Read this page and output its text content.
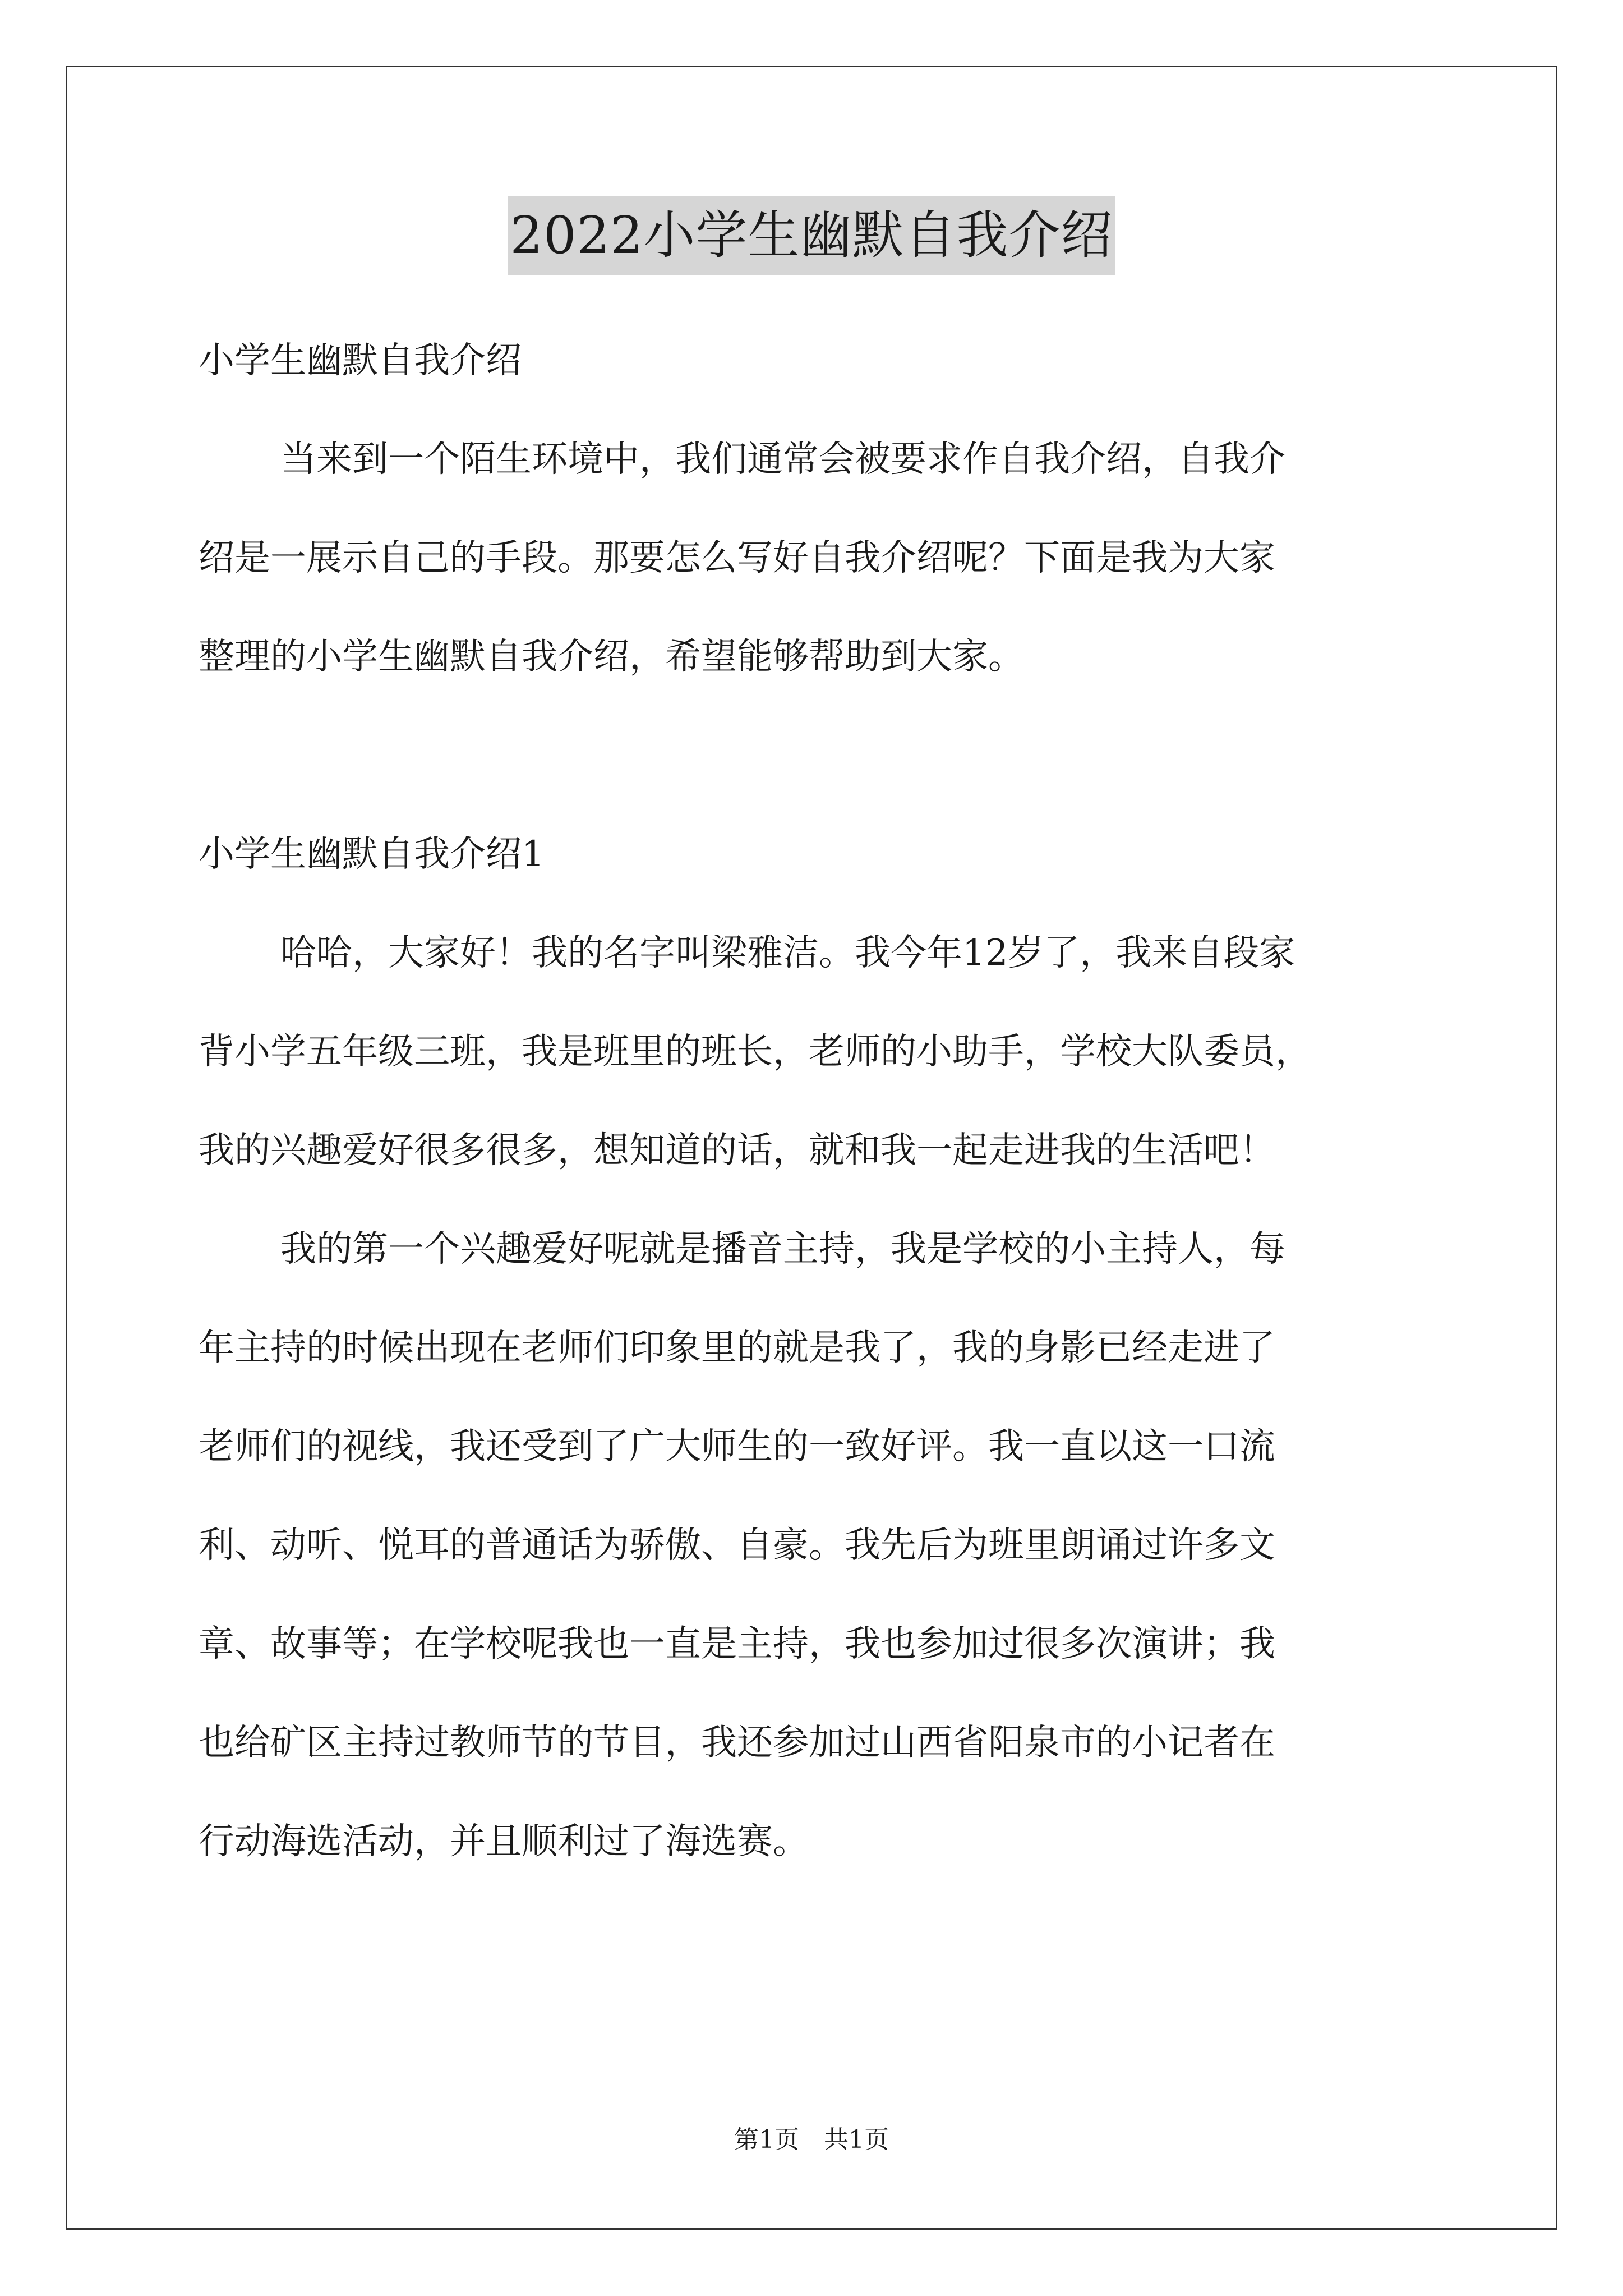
2022小学生幽默自我介绍

小学生幽默自我介绍

当来到一个陌生环境中，我们通常会被要求作自我介绍，自我介

绍是一展示自己的手段。那要怎么写好自我介绍呢？下面是我为大家

整理的小学生幽默自我介绍，希望能够帮助到大家。

小学生幽默自我介绍1

哈哈，大家好！我的名字叫梁雅洁。我今年12岁了，我来自段家

背小学五年级三班，我是班里的班长，老师的小助手，学校大队委员，

我的兴趣爱好很多很多，想知道的话，就和我一起走进我的生活吧！

我的第一个兴趣爱好呢就是播音主持，我是学校的小主持人，每

年主持的时候出现在老师们印象里的就是我了，我的身影已经走进了

老师们的视线，我还受到了广大师生的一致好评。我一直以这一口流

利、动听、悦耳的普通话为骄傲、自豪。我先后为班里朗诵过许多文

章、故事等；在学校呢我也一直是主持，我也参加过很多次演讲；我

也给矿区主持过教师节的节目，我还参加过山西省阳泉市的小记者在

行动海选活动，并且顺利过了海选赛。

第1页　共1页
